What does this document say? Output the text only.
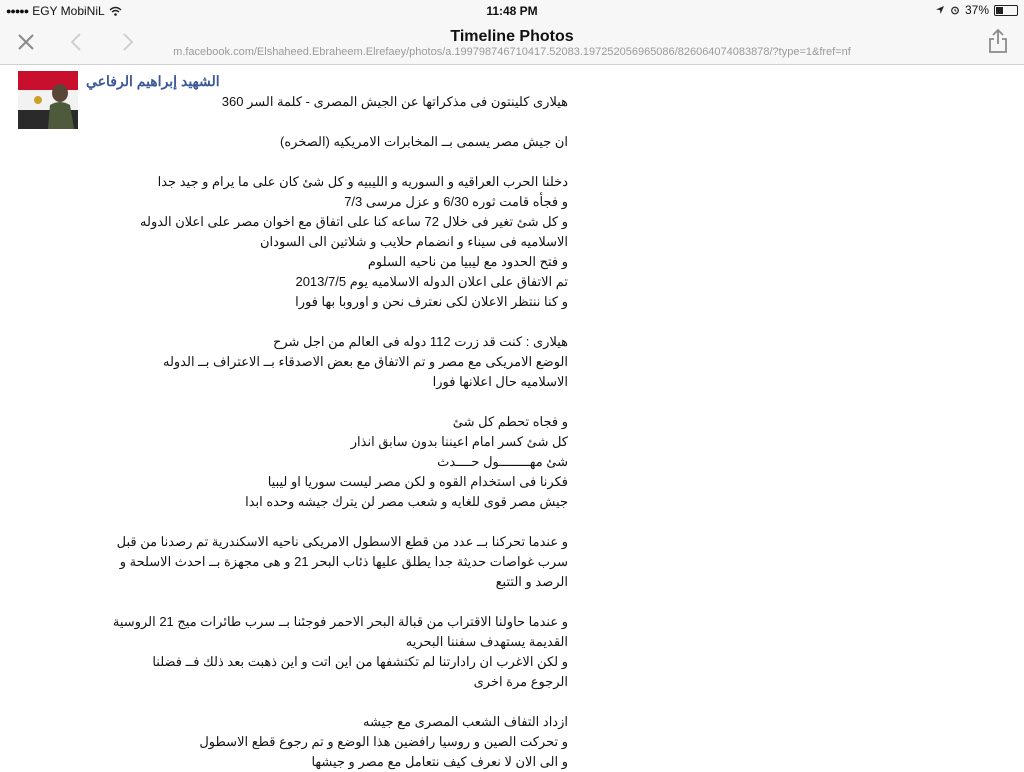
●●●●● EGY MobiNiL	11:48 PM	37%
Timeline Photos
m.facebook.com/Elshaheed.Ebraheem.Elrefaey/photos/a.199798746710417.52083.197252056965086/826064074083878/?type=1&fref=nf
الشهيد إبراهيم الرفاعي

هيلارى كلينتون فى مذكراتها عن الجيش المصرى - كلمة السر 360

ان جيش مصر يسمى بــ المخابرات الامريكيه (الصخره)

دخلنا الحرب العراقيه و السوريه و الليبيه و كل شئ كان على ما يرام و جيد جدا
و فجأه قامت ثوره 6/30 و عزل مرسى 7/3
و كل شئ تغير فى خلال 72 ساعه كنا على اتفاق مع اخوان مصر على اعلان الدوله
الاسلاميه فى سيناء و انضمام حلايب و شلاتين الى السودان
و فتح الحدود مع ليبيا من ناحيه السلوم
تم الاتفاق على اعلان الدوله الاسلاميه يوم 2013/7/5
و كنا ننتظر الاعلان لكى نعترف نحن و اوروبا بها فورا

هيلارى : كنت قد زرت 112 دوله فى العالم من اجل شرح
الوضع الامريكى مع مصر و تم الاتفاق مع بعض الاصدقاء بــ الاعتراف بــ الدوله
الاسلاميه حال اعلانها فورا

و فجاه تحطم كل شئ
كل شئ كسر امام اعيننا بدون سابق انذار
شئ مهــــــــول حــــدث
فكرنا فى استخدام القوه و لكن مصر ليست سوريا او ليبيا
جيش مصر قوى للغايه و شعب مصر لن يترك جيشه وحده ابدا

و عندما تحركنا بــ عدد من قطع الاسطول الامريكى ناحيه الاسكندرية تم رصدنا من قبل
سرب غواصات حديثة جدا يطلق عليها ذئاب البحر 21 و هى مجهزة بــ احدث الاسلحة و
الرصد و التتبع

و عندما حاولنا الاقتراب من قبالة البحر الاحمر فوجئنا بــ سرب طائرات ميج 21 الروسية
القديمة يستهدف سفننا البحريه
و لكن الاغرب ان رادارتنا لم تكتشفها من اين اتت و اين ذهبت بعد ذلك فــ فضلنا
الرجوع مرة اخرى

ازداد التفاف الشعب المصرى مع جيشه
و تحركت الصين و روسيا رافضين هذا الوضع و تم رجوع قطع الاسطول
و الى الان لا نعرف كيف نتعامل مع مصر و جيشها
